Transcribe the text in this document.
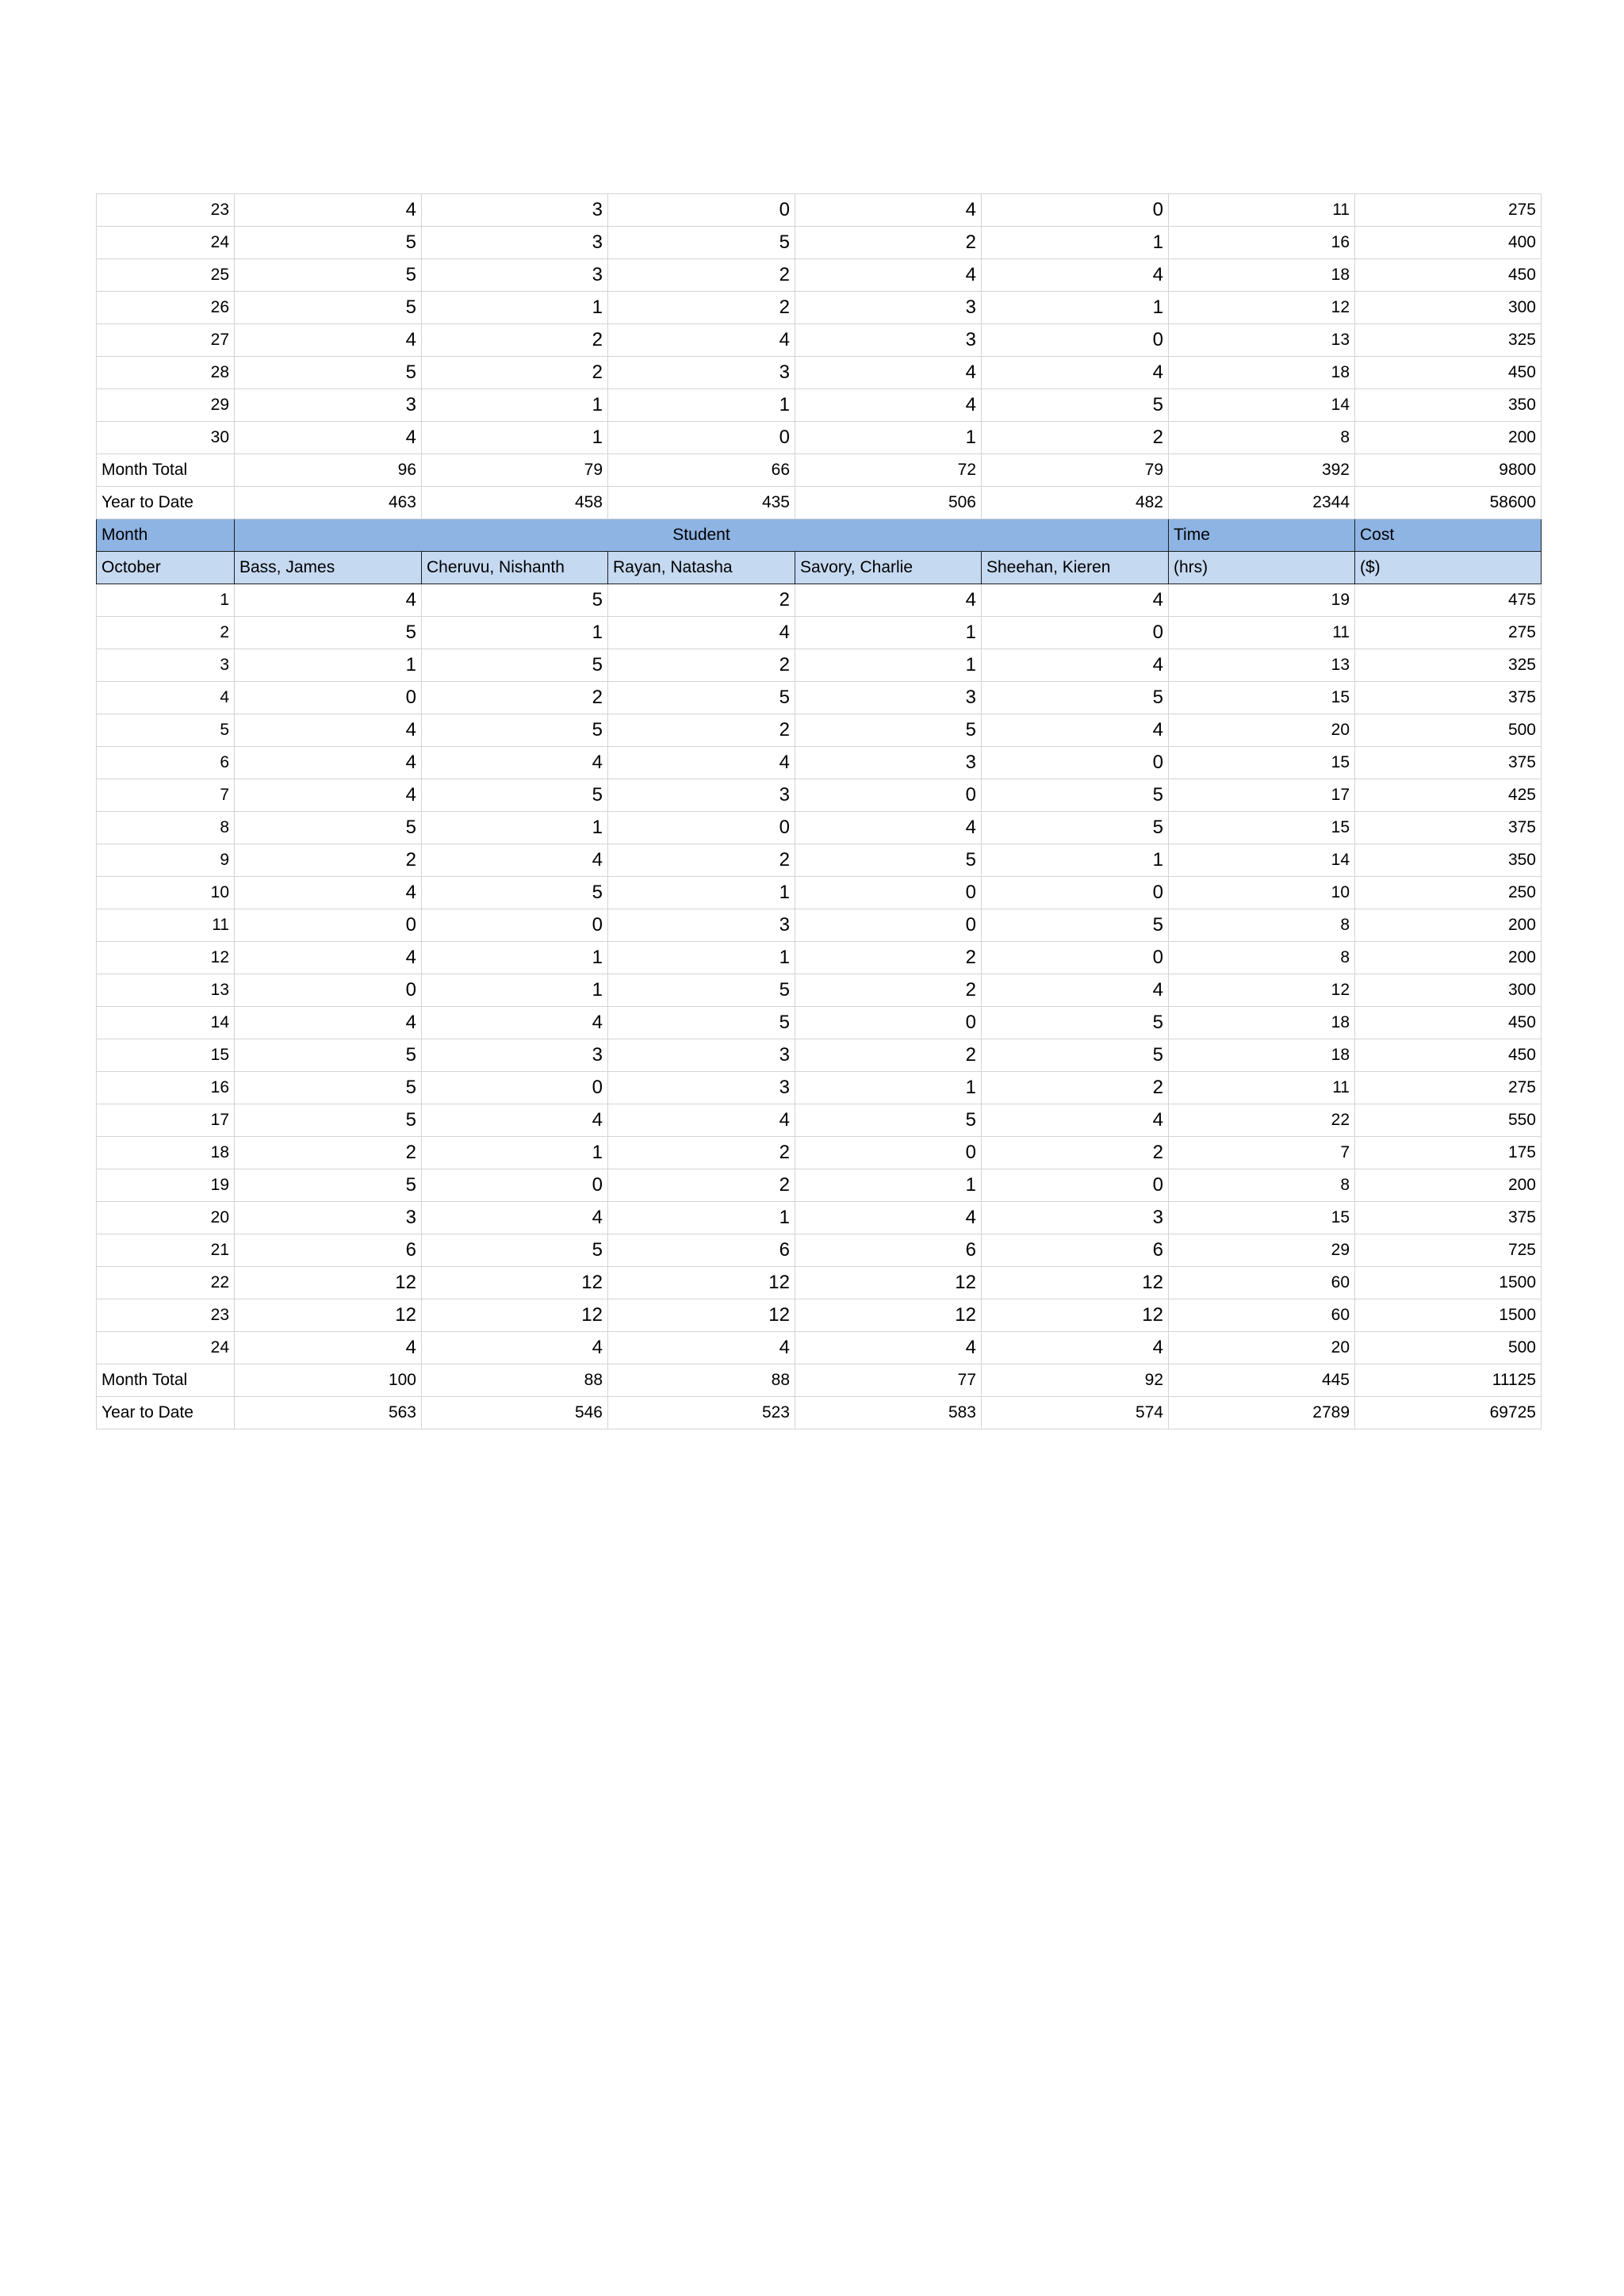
23	4	3	0	4	0	11	275
24	5	3	5	2	1	16	400
25	5	3	2	4	4	18	450
26	5	1	2	3	1	12	300
27	4	2	4	3	0	13	325
28	5	2	3	4	4	18	450
29	3	1	1	4	5	14	350
30	4	1	0	1	2	8	200
Month Total	96	79	66	72	79	392	9800
Year to Date	463	458	435	506	482	2344	58600
Month	Student					Time	Cost
October	Bass, James	Cheruvu, Nishanth	Rayan, Natasha	Savory, Charlie	Sheehan, Kieren	(hrs)	($)
1	4	5	2	4	4	19	475
2	5	1	4	1	0	11	275
3	1	5	2	1	4	13	325
4	0	2	5	3	5	15	375
5	4	5	2	5	4	20	500
6	4	4	4	3	0	15	375
7	4	5	3	0	5	17	425
8	5	1	0	4	5	15	375
9	2	4	2	5	1	14	350
10	4	5	1	0	0	10	250
11	0	0	3	0	5	8	200
12	4	1	1	2	0	8	200
13	0	1	5	2	4	12	300
14	4	4	5	0	5	18	450
15	5	3	3	2	5	18	450
16	5	0	3	1	2	11	275
17	5	4	4	5	4	22	550
18	2	1	2	0	2	7	175
19	5	0	2	1	0	8	200
20	3	4	1	4	3	15	375
21	6	5	6	6	6	29	725
22	12	12	12	12	12	60	1500
23	12	12	12	12	12	60	1500
24	4	4	4	4	4	20	500
Month Total	100	88	88	77	92	445	11125
Year to Date	563	546	523	583	574	2789	69725
